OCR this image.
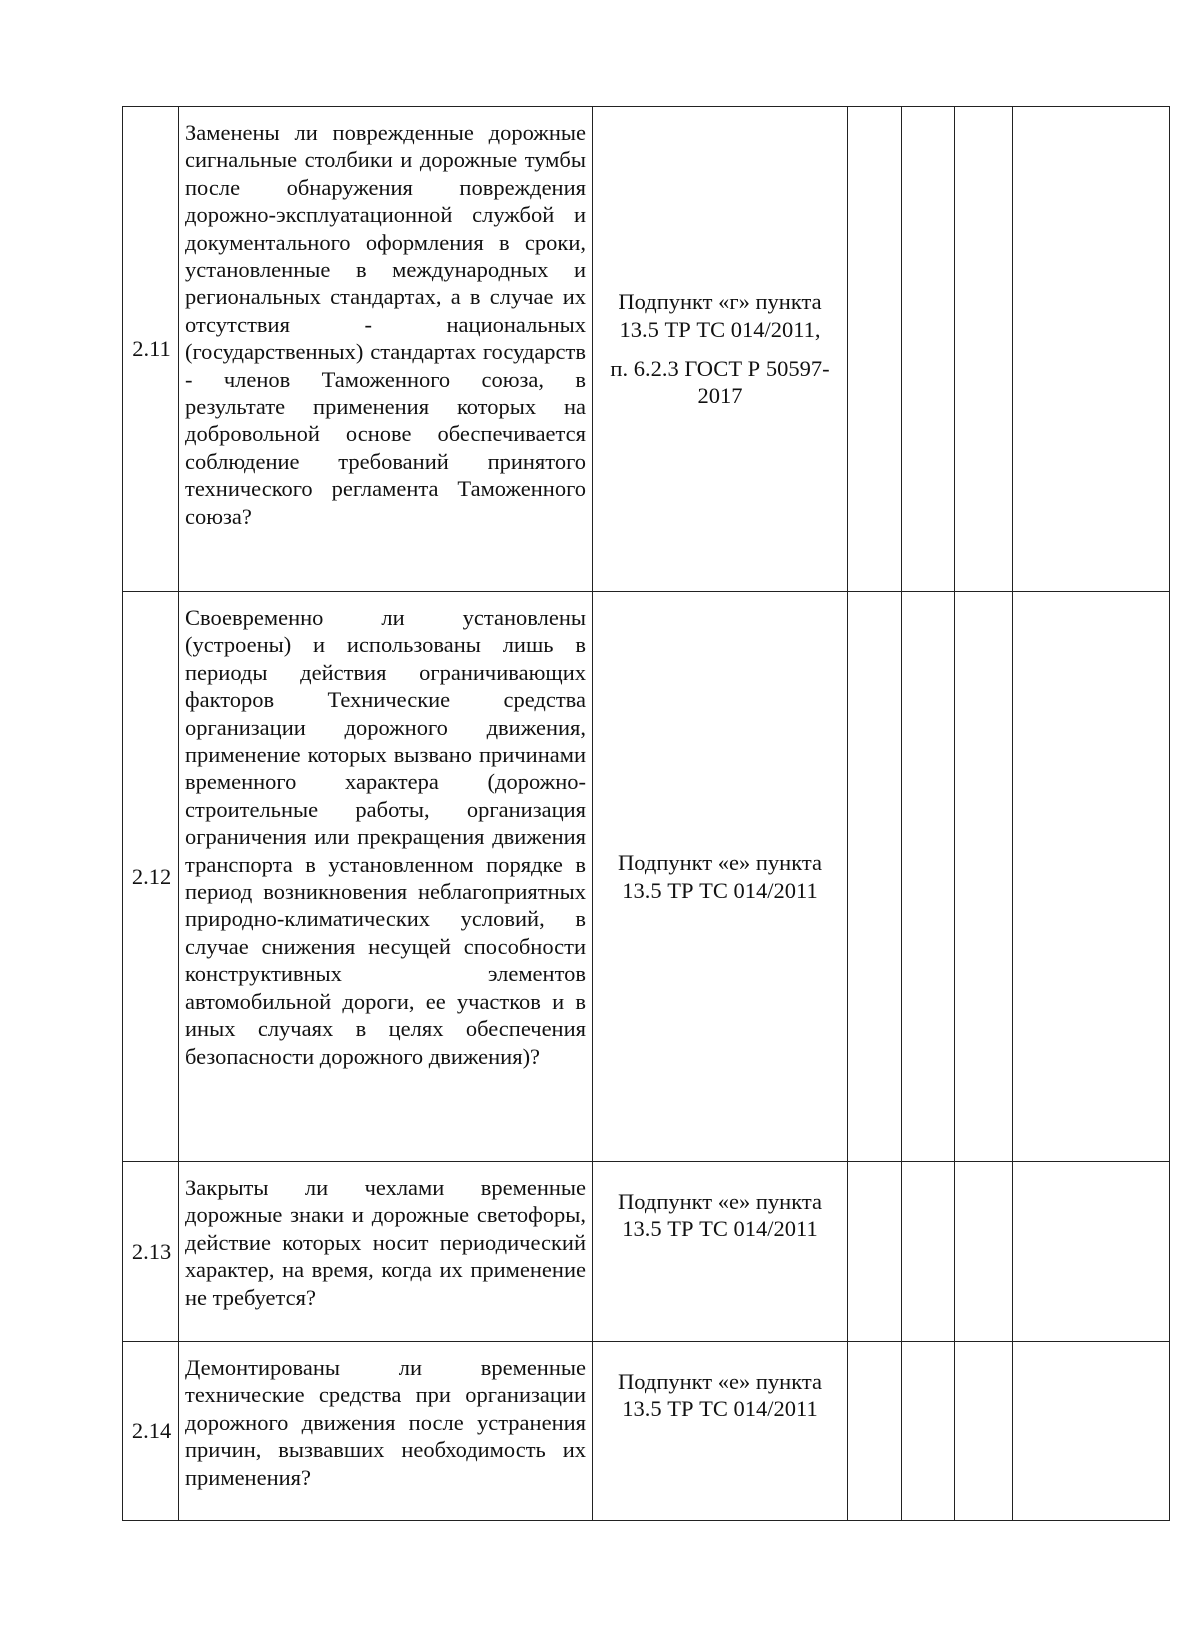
2.11	Заменены ли поврежденные дорожные сигнальные столбики и дорожные тумбы после обнаружения повреждения дорожно-эксплуатационной службой и документального оформления в сроки, установленные в международных и региональных стандартах, а в случае их отсутствия - национальных (государственных) стандартах государств - членов Таможенного союза, в результате применения которых на добровольной основе обеспечивается соблюдение требований принятого технического регламента Таможенного союза?	Подпункт «г» пункта 13.5 ТР ТС 014/2011,
п. 6.2.3 ГОСТ Р 50597-2017				

2.12	Своевременно ли установлены (устроены) и использованы лишь в периоды действия ограничивающих факторов Технические средства организации дорожного движения, применение которых вызвано причинами временного характера (дорожно-строительные работы, организация ограничения или прекращения движения транспорта в установленном порядке в период возникновения неблагоприятных природно-климатических условий, в случае снижения несущей способности конструктивных элементов автомобильной дороги, ее участков и в иных случаях в целях обеспечения безопасности дорожного движения)?	Подпункт «е» пункта 13.5 ТР ТС 014/2011				

2.13	Закрыты ли чехлами временные дорожные знаки и дорожные светофоры, действие которых носит периодический характер, на время, когда их применение не требуется?	Подпункт «е» пункта 13.5 ТР ТС 014/2011				

2.14	Демонтированы ли временные технические средства при организации дорожного движения после устранения причин, вызвавших необходимость их применения?	Подпункт «е» пункта 13.5 ТР ТС 014/2011				
